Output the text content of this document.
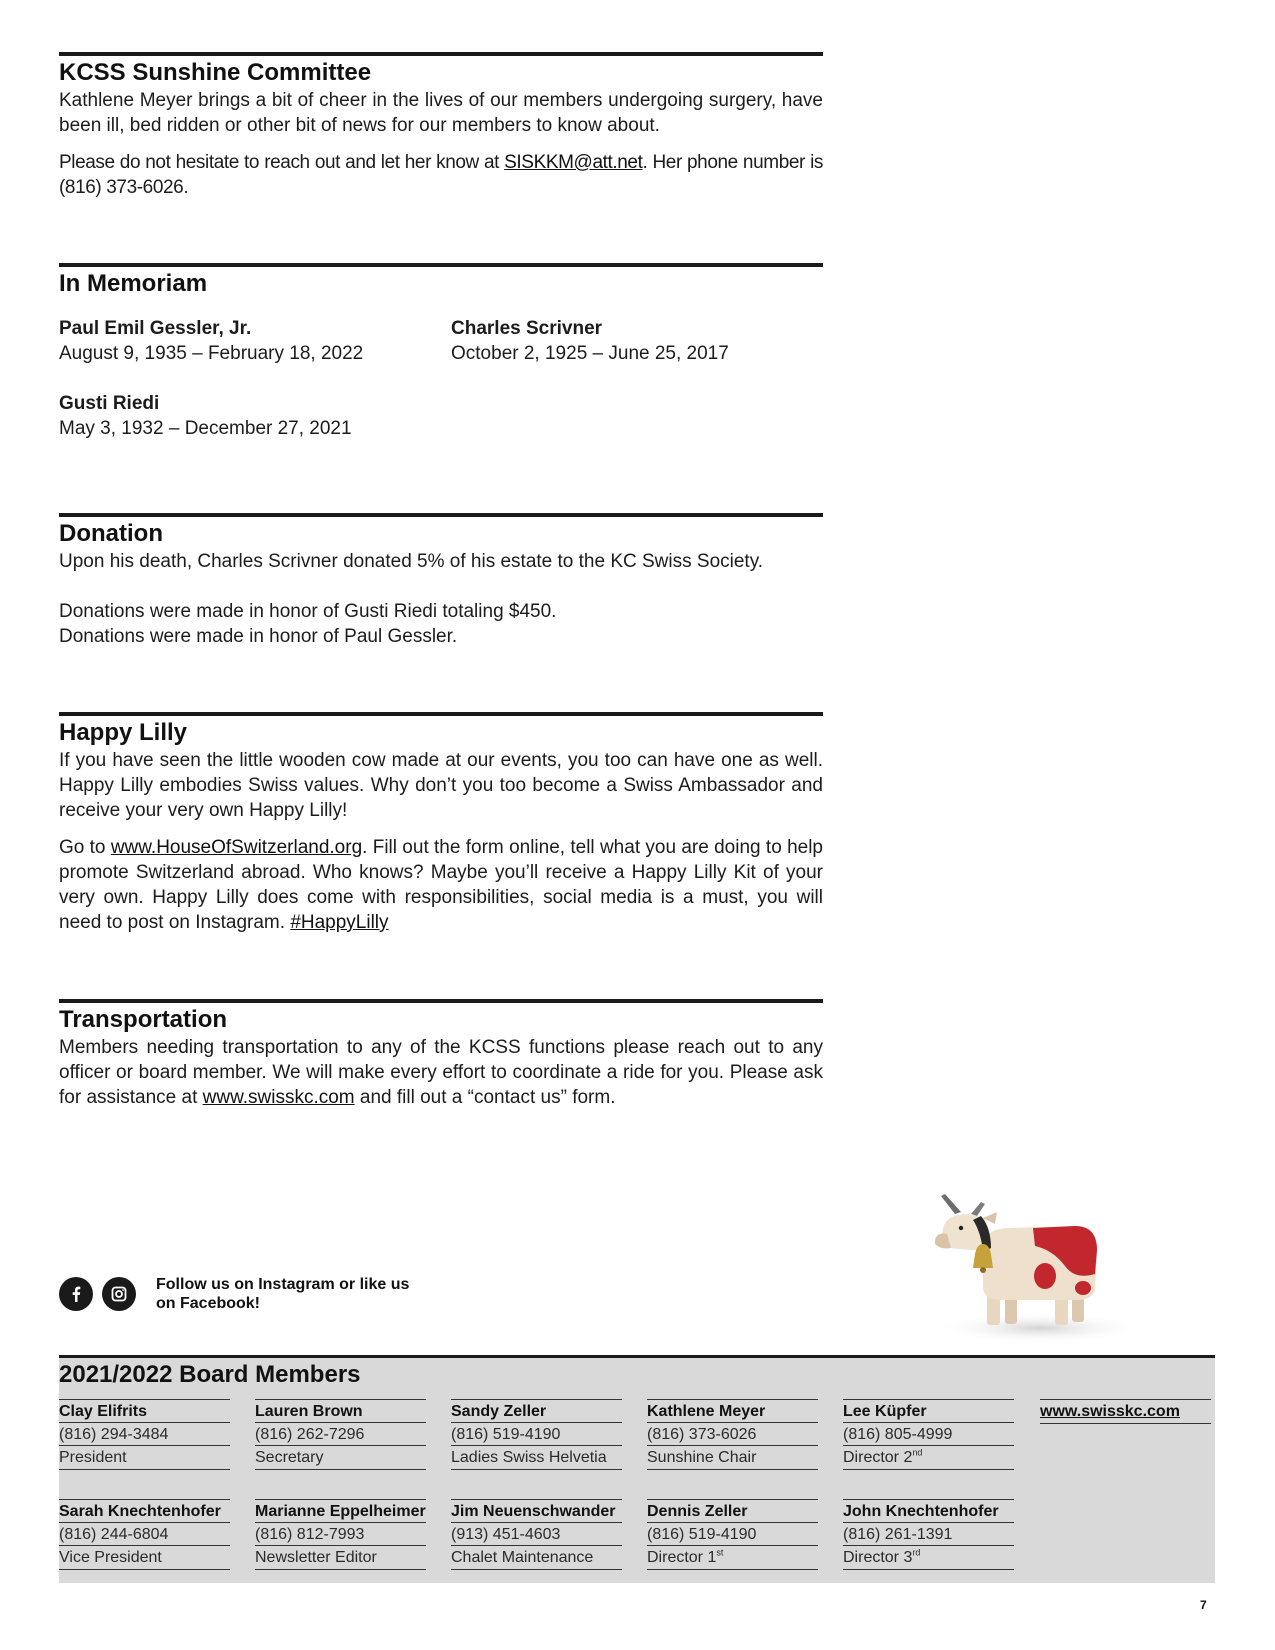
KCSS Sunshine Committee

Kathlene Meyer brings a bit of cheer in the lives of our members undergoing surgery, have been ill, bed ridden or other bit of news for our members to know about.

Please do not hesitate to reach out and let her know at SISKKM@att.net. Her phone number is (816) 373-6026.

In Memoriam
Paul Emil Gessler, Jr.
August 9, 1935 – February 18, 2022
Charles Scrivner
October 2, 1925 – June 25, 2017
Gusti Riedi
May 3, 1932 – December 27, 2021
Donation

Upon his death, Charles Scrivner donated 5% of his estate to the KC Swiss Society.

Donations were made in honor of Gusti Riedi totaling $450.

Donations were made in honor of Paul Gessler.

Happy Lilly

If you have seen the little wooden cow made at our events, you too can have one as well. Happy Lilly embodies Swiss values. Why don’t you too become a Swiss Ambassador and receive your very own Happy Lilly!

Go to www.HouseOfSwitzerland.org. Fill out the form online, tell what you are doing to help promote Switzerland abroad. Who knows? Maybe you’ll receive a Happy Lilly Kit of your very own. Happy Lilly does come with responsibilities, social media is a must, you will need to post on Instagram. #HappyLilly

Transportation

Members needing transportation to any of the KCSS functions please reach out to any officer or board member. We will make every effort to coordinate a ride for you. Please ask for assistance at www.swisskc.com and fill out a “contact us” form.

Follow us on Instagram or like us on Facebook!
2021/2022 Board Members
Clay Elifrits
(816) 294-3484
President
Lauren Brown
(816) 262-7296
Secretary
Sandy Zeller
(816) 519-4190
Ladies Swiss Helvetia
Kathlene Meyer
(816) 373-6026
Sunshine Chair
Lee Küpfer
(816) 805-4999
Director 2nd
www.swisskc.com
Sarah Knechtenhofer
(816) 244-6804
Vice President
Marianne Eppelheimer
(816) 812-7993
Newsletter Editor
Jim Neuenschwander
(913) 451-4603
Chalet Maintenance
Dennis Zeller
(816) 519-4190
Director 1st
John Knechtenhofer
(816) 261-1391
Director 3rd
7
